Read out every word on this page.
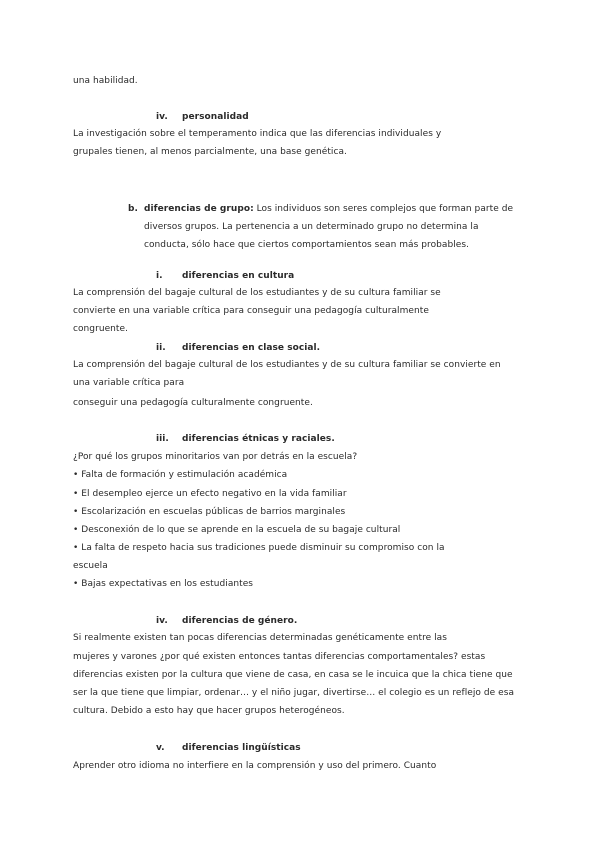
una habilidad.
iv. personalidad
La investigación sobre el temperamento indica que las diferencias individuales y
grupales tienen, al menos parcialmente, una base genética.
b. diferencias de grupo: Los individuos son seres complejos que forman parte de
diversos grupos. La pertenencia a un determinado grupo no determina la
conducta, sólo hace que ciertos comportamientos sean más probables.
i. diferencias en cultura
La comprensión del bagaje cultural de los estudiantes y de su cultura familiar se
convierte en una variable crítica para conseguir una pedagogía culturalmente
congruente.
ii. diferencias en clase social.
La comprensión del bagaje cultural de los estudiantes y de su cultura familiar se convierte en
una variable crítica para
conseguir una pedagogía culturalmente congruente.
iii. diferencias étnicas y raciales.
¿Por qué los grupos minoritarios van por detrás en la escuela?
• Falta de formación y estimulación académica
• El desempleo ejerce un efecto negativo en la vida familiar
• Escolarización en escuelas públicas de barrios marginales
• Desconexión de lo que se aprende en la escuela de su bagaje cultural
• La falta de respeto hacia sus tradiciones puede disminuir su compromiso con la
escuela
• Bajas expectativas en los estudiantes
iv. diferencias de género.
Si realmente existen tan pocas diferencias determinadas genéticamente entre las
mujeres y varones ¿por qué existen entonces tantas diferencias comportamentales? estas
diferencias existen por la cultura que viene de casa, en casa se le incuica que la chica tiene que
ser la que tiene que limpiar, ordenar… y el niño jugar, divertirse… el colegio es un reflejo de esa
cultura. Debido a esto hay que hacer grupos heterogéneos.
v. diferencias lingüísticas
Aprender otro idioma no interfiere en la comprensión y uso del primero. Cuanto
